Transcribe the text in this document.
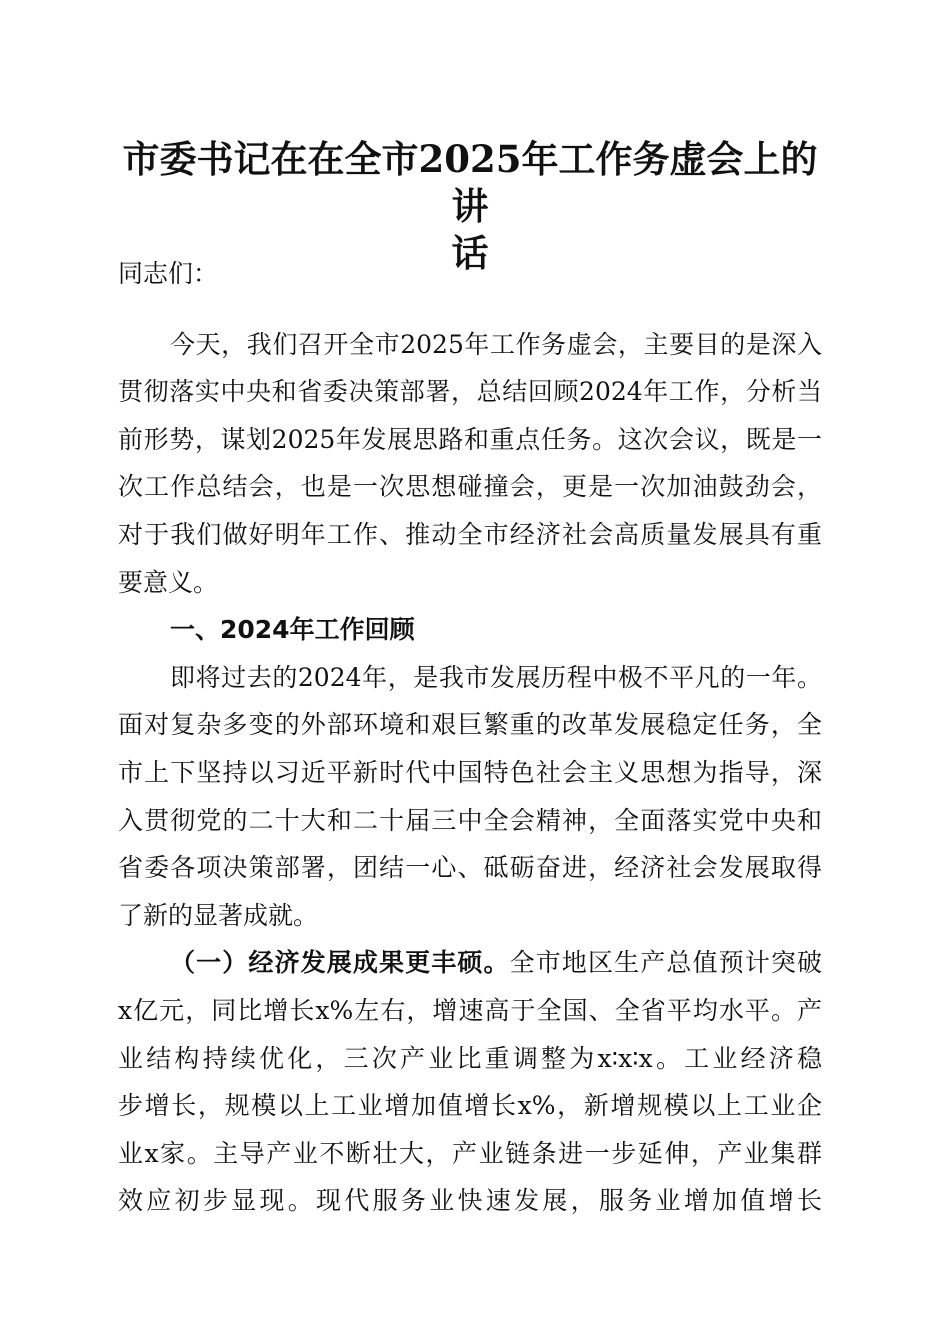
市委书记在在全市2025年工作务虚会上的讲
话
同志们：
今天，我们召开全市2025年工作务虚会，主要目的是深入
贯彻落实中央和省委决策部署，总结回顾2024年工作，分析当
前形势，谋划2025年发展思路和重点任务。这次会议，既是一
次工作总结会，也是一次思想碰撞会，更是一次加油鼓劲会，
对于我们做好明年工作、推动全市经济社会高质量发展具有重
要意义。
一、2024年工作回顾
即将过去的2024年，是我市发展历程中极不平凡的一年。
面对复杂多变的外部环境和艰巨繁重的改革发展稳定任务，全
市上下坚持以习近平新时代中国特色社会主义思想为指导，深
入贯彻党的二十大和二十届三中全会精神，全面落实党中央和
省委各项决策部署，团结一心、砥砺奋进，经济社会发展取得
了新的显著成就。
（一）经济发展成果更丰硕。全市地区生产总值预计突破
x亿元，同比增长x%左右，增速高于全国、全省平均水平。产
业结构持续优化，三次产业比重调整为x∶x∶x。工业经济稳
步增长，规模以上工业增加值增长x%，新增规模以上工业企
业x家。主导产业不断壮大，产业链条进一步延伸，产业集群
效应初步显现。现代服务业快速发展，服务业增加值增长
